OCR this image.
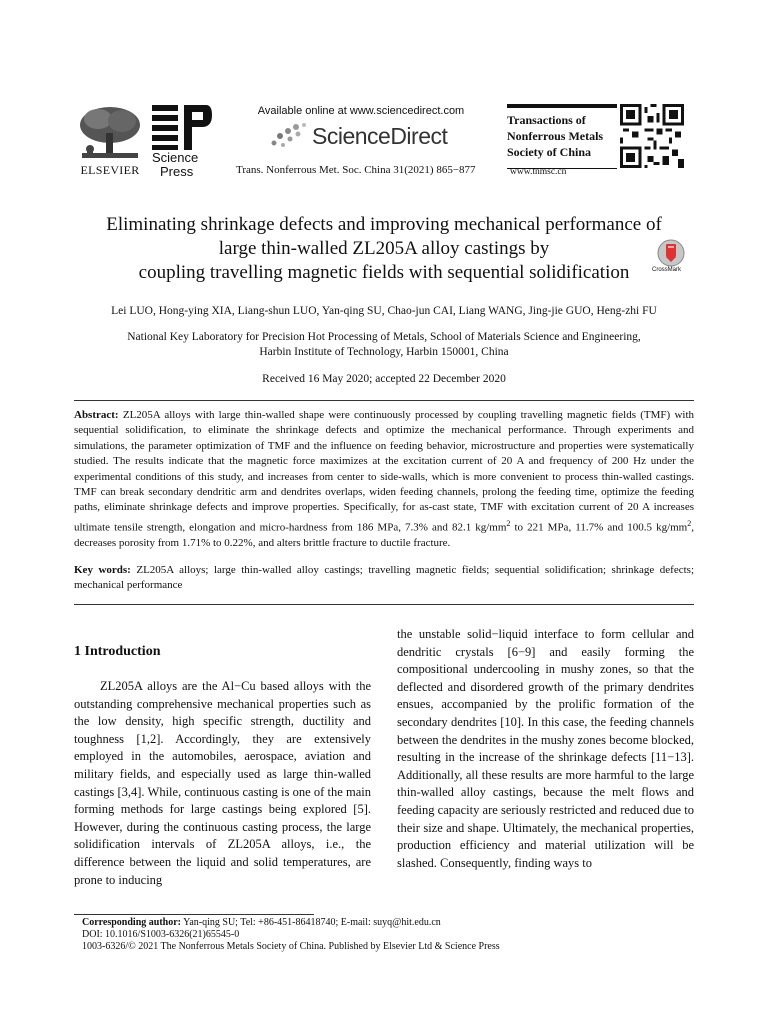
ELSEVIER
Science
Press
Available online at www.sciencedirect.com
ScienceDirect
Trans. Nonferrous Met. Soc. China 31(2021) 865−877
Transactions of
Nonferrous Metals
Society of China
www.tnmsc.cn
Eliminating shrinkage defects and improving mechanical performance of
large thin-walled ZL205A alloy castings by
coupling travelling magnetic fields with sequential solidification	CrossMark
Lei LUO, Hong-ying XIA, Liang-shun LUO, Yan-qing SU, Chao-jun CAI, Liang WANG, Jing-jie GUO, Heng-zhi FU
National Key Laboratory for Precision Hot Processing of Metals, School of Materials Science and Engineering,
Harbin Institute of Technology, Harbin 150001, China
Received 16 May 2020; accepted 22 December 2020
Abstract: ZL205A alloys with large thin-walled shape were continuously processed by coupling travelling magnetic fields (TMF) with sequential solidification, to eliminate the shrinkage defects and optimize the mechanical performance. Through experiments and simulations, the parameter optimization of TMF and the influence on feeding behavior, microstructure and properties were systematically studied. The results indicate that the magnetic force maximizes at the excitation current of 20 A and frequency of 200 Hz under the experimental conditions of this study, and increases from center to side-walls, which is more convenient to process thin-walled castings. TMF can break secondary dendritic arm and dendrites overlaps, widen feeding channels, prolong the feeding time, optimize the feeding paths, eliminate shrinkage defects and improve properties. Specifically, for as-cast state, TMF with excitation current of 20 A increases ultimate tensile strength, elongation and micro-hardness from 186 MPa, 7.3% and 82.1 $kg/mm^2$ to 221 MPa, 11.7% and 100.5 $kg/mm^2$, decreases porosity from 1.71% to 0.22%, and alters brittle fracture to ductile fracture.
Key words: ZL205A alloys; large thin-walled alloy castings; travelling magnetic fields; sequential solidification; shrinkage defects; mechanical performance
1 Introduction
ZL205A alloys are the Al−Cu based alloys with the outstanding comprehensive mechanical properties such as the low density, high specific strength, ductility and toughness [1,2]. Accordingly, they are extensively employed in the automobiles, aerospace, aviation and military fields, and especially used as large thin-walled castings [3,4]. While, continuous casting is one of the main forming methods for large castings being explored [5]. However, during the continuous casting process, the large solidification intervals of ZL205A alloys, i.e., the difference between the liquid and solid temperatures, are prone to inducing
the unstable solid−liquid interface to form cellular and dendritic crystals [6−9] and easily forming the compositional undercooling in mushy zones, so that the deflected and disordered growth of the primary dendrites ensues, accompanied by the prolific formation of the secondary dendrites [10]. In this case, the feeding channels between the dendrites in the mushy zones become blocked, resulting in the increase of the shrinkage defects [11−13]. Additionally, all these results are more harmful to the large thin-walled alloy castings, because the melt flows and feeding capacity are seriously restricted and reduced due to their size and shape. Ultimately, the mechanical properties, production efficiency and material utilization will be slashed. Consequently, finding ways to
Corresponding author: Yan-qing SU; Tel: +86-451-86418740; E-mail: suyq@hit.edu.cn
DOI: 10.1016/S1003-6326(21)65545-0
1003-6326/© 2021 The Nonferrous Metals Society of China. Published by Elsevier Ltd & Science Press
